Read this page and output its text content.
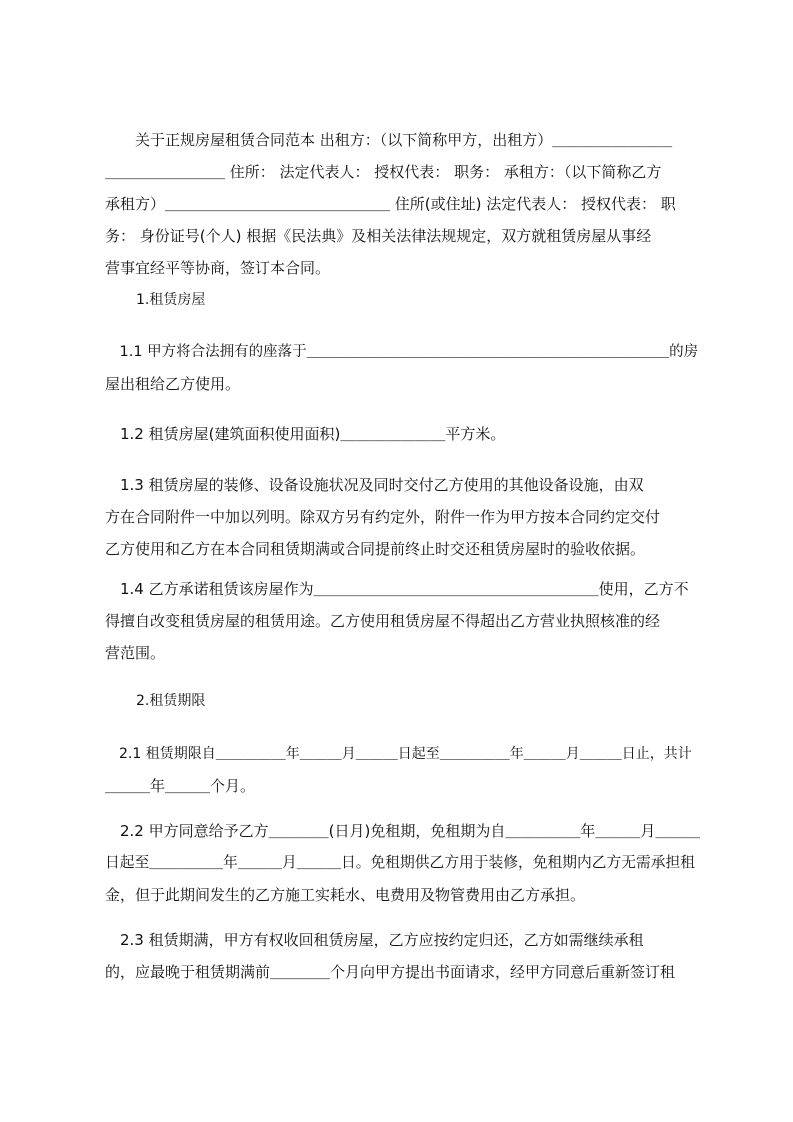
　　关于正规房屋租赁合同范本 出租方：（以下简称甲方，出租方）＿＿＿＿＿＿＿＿
＿＿＿＿＿＿＿＿ 住所： 法定代表人： 授权代表： 职务： 承租方：（以下简称乙方
承租方）＿＿＿＿＿＿＿＿＿＿＿＿＿＿＿ 住所(或住址) 法定代表人： 授权代表： 职
务： 身份证号(个人) 根据《民法典》及相关法律法规规定，双方就租赁房屋从事经
营事宜经平等协商，签订本合同。

1.租赁房屋

　1.1 甲方将合法拥有的座落于＿＿＿＿＿＿＿＿＿＿＿＿＿＿＿＿＿＿＿＿＿＿＿＿＿的房
屋出租给乙方使用。
　1.2 租赁房屋(建筑面积使用面积)＿＿＿＿＿＿＿平方米。
　1.3 租赁房屋的装修、设备设施状况及同时交付乙方使用的其他设备设施，由双
方在合同附件一中加以列明。除双方另有约定外，附件一作为甲方按本合同约定交付
乙方使用和乙方在本合同租赁期满或合同提前终止时交还租赁房屋时的验收依据。
　1.4 乙方承诺租赁该房屋作为＿＿＿＿＿＿＿＿＿＿＿＿＿＿＿＿＿＿＿使用，乙方不
得擅自改变租赁房屋的租赁用途。乙方使用租赁房屋不得超出乙方营业执照核准的经
营范围。

2.租赁期限

　2.1 租赁期限自＿＿＿＿＿年＿＿＿月＿＿＿日起至＿＿＿＿＿年＿＿＿月＿＿＿日止，共计
＿＿＿年＿＿＿个月。
　2.2 甲方同意给予乙方＿＿＿＿(日月)免租期，免租期为自＿＿＿＿＿年＿＿＿月＿＿＿
日起至＿＿＿＿＿年＿＿＿月＿＿＿日。免租期供乙方用于装修，免租期内乙方无需承担租
金，但于此期间发生的乙方施工实耗水、电费用及物管费用由乙方承担。
　2.3 租赁期满，甲方有权收回租赁房屋，乙方应按约定归还，乙方如需继续承租
的，应最晚于租赁期满前＿＿＿＿个月向甲方提出书面请求，经甲方同意后重新签订租
